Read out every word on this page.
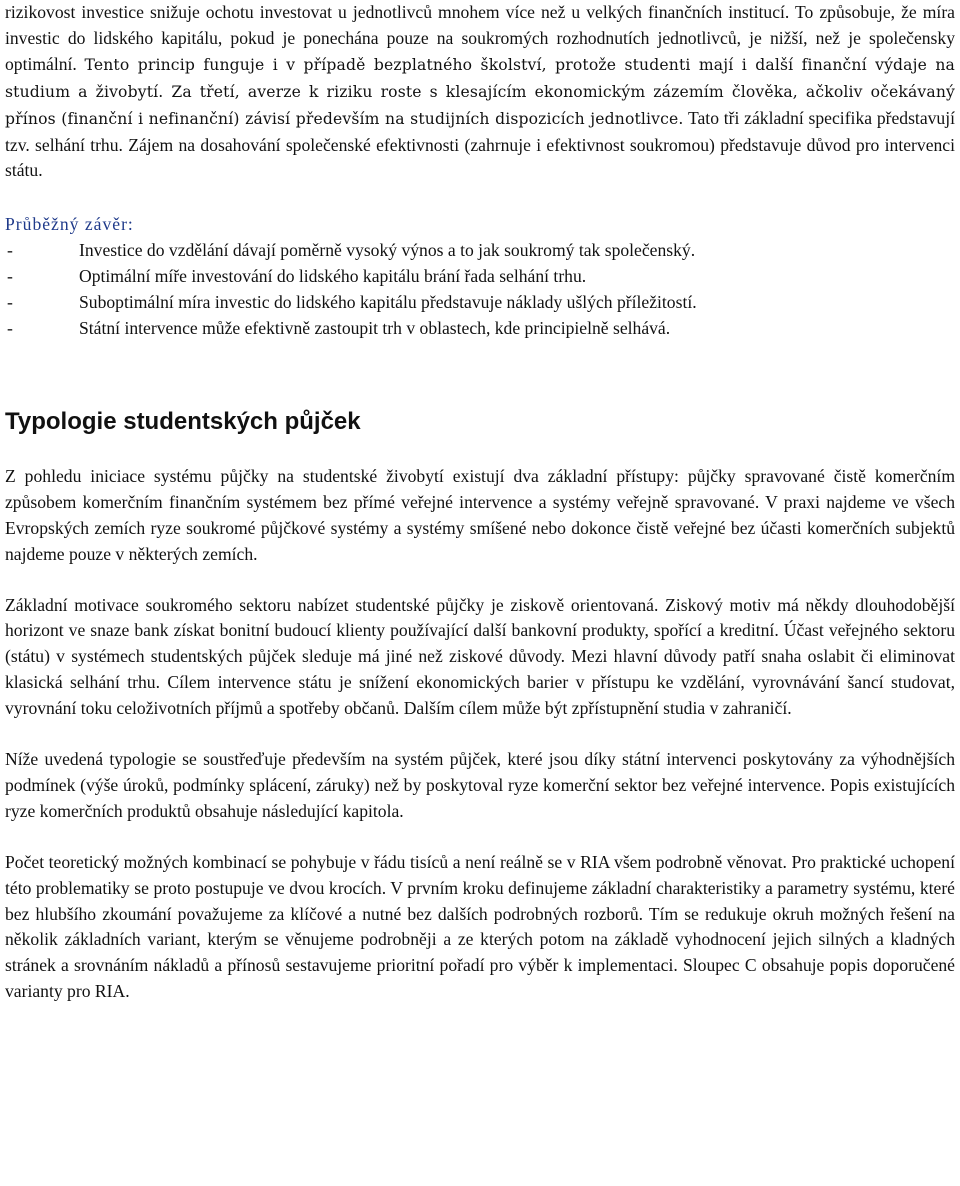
rizikovost investice snižuje ochotu investovat u jednotlivců mnohem více než u velkých finančních institucí. To způsobuje, že míra investic do lidského kapitálu, pokud je ponechána pouze na soukromých rozhodnutích jednotlivců, je nižší, než je společensky optimální. Tento princip funguje i v případě bezplatného školství, protože studenti mají i další finanční výdaje na studium a živobytí. Za třetí, averze k riziku roste s klesajícím ekonomickým zázemím člověka, ačkoliv očekávaný přínos (finanční i nefinanční) závisí především na studijních dispozicích jednotlivce. Tato tři základní specifika představují tzv. selhání trhu. Zájem na dosahování společenské efektivnosti (zahrnuje i efektivnost soukromou) představuje důvod pro intervenci státu.

Průběžný závěr:

-	Investice do vzdělání dávají poměrně vysoký výnos a to jak soukromý tak společenský.
-	Optimální míře investování do lidského kapitálu brání řada selhání trhu.
-	Suboptimální míra investic do lidského kapitálu představuje náklady ušlých příležitostí.
-	Státní intervence může efektivně zastoupit trh v oblastech, kde principielně selhává.
Typologie studentských půjček

Z pohledu iniciace systému půjčky na studentské živobytí existují dva základní přístupy: půjčky spravované čistě komerčním způsobem komerčním finančním systémem bez přímé veřejné intervence a systémy veřejně spravované. V praxi najdeme ve všech Evropských zemích ryze soukromé půjčkové systémy a systémy smíšené nebo dokonce čistě veřejné bez účasti komerčních subjektů najdeme pouze v některých zemích.

Základní motivace soukromého sektoru nabízet studentské půjčky je ziskově orientovaná. Ziskový motiv má někdy dlouhodobější horizont ve snaze bank získat bonitní budoucí klienty používající další bankovní produkty, spořící a kreditní. Účast veřejného sektoru (státu) v systémech studentských půjček sleduje má jiné než ziskové důvody. Mezi hlavní důvody patří snaha oslabit či eliminovat klasická selhání trhu. Cílem intervence státu je snížení ekonomických barier v přístupu ke vzdělání, vyrovnávání šancí studovat, vyrovnání toku celoživotních příjmů a spotřeby občanů. Dalším cílem může být zpřístupnění studia v zahraničí.

Níže uvedená typologie se soustřeďuje především na systém půjček, které jsou díky státní intervenci poskytovány za výhodnějších podmínek (výše úroků, podmínky splácení, záruky) než by poskytoval ryze komerční sektor bez veřejné intervence. Popis existujících ryze komerčních produktů obsahuje následující kapitola.

Počet teoretický možných kombinací se pohybuje v řádu tisíců a není reálně se v RIA všem podrobně věnovat. Pro praktické uchopení této problematiky se proto postupuje ve dvou krocích. V prvním kroku definujeme základní charakteristiky a parametry systému, které bez hlubšího zkoumání považujeme za klíčové a nutné bez dalších podrobných rozborů. Tím se redukuje okruh možných řešení na několik základních variant, kterým se věnujeme podrobněji a ze kterých potom na základě vyhodnocení jejich silných a kladných stránek a srovnáním nákladů a přínosů sestavujeme prioritní pořadí pro výběr k implementaci. Sloupec C obsahuje popis doporučené varianty pro RIA.
